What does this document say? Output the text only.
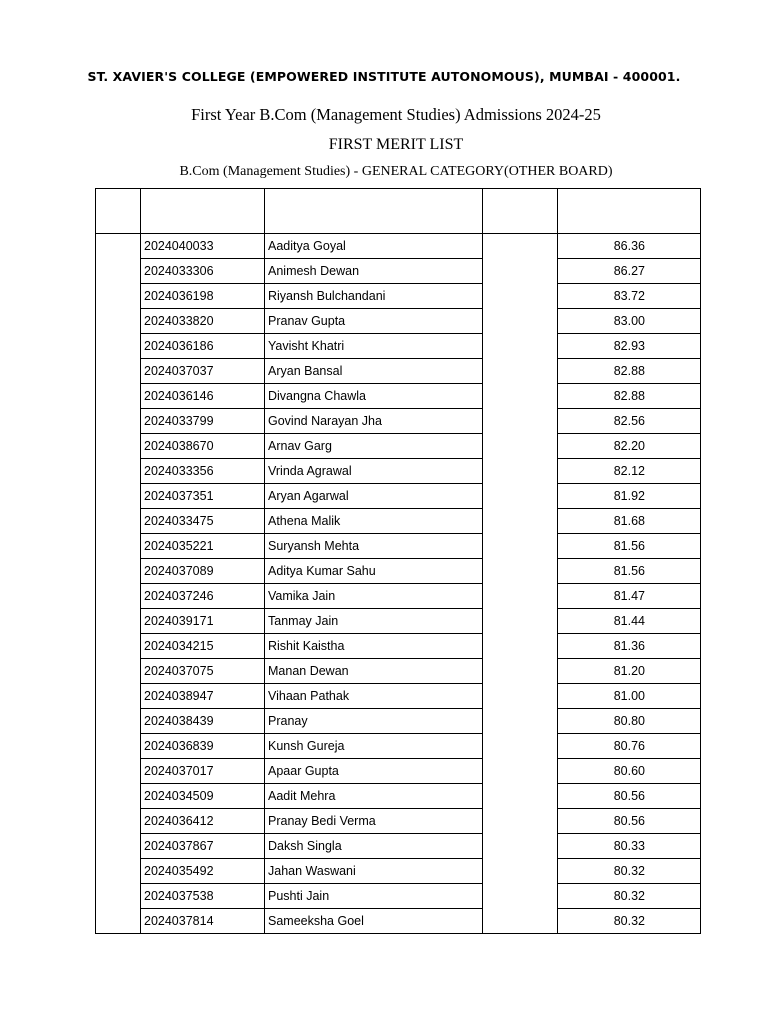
ST. XAVIER'S COLLEGE (EMPOWERED INSTITUTE AUTONOMOUS), MUMBAI - 400001.
First Year B.Com (Management Studies) Admissions 2024-25
FIRST MERIT LIST
B.Com (Management Studies) - GENERAL CATEGORY(OTHER BOARD)

	2024040033	Aaditya Goyal		86.36
	2024033306	Animesh Dewan		86.27
	2024036198	Riyansh Bulchandani		83.72
	2024033820	Pranav Gupta		83.00
	2024036186	Yavisht Khatri		82.93
	2024037037	Aryan Bansal		82.88
	2024036146	Divangna Chawla		82.88
	2024033799	Govind Narayan Jha		82.56
	2024038670	Arnav Garg		82.20
	2024033356	Vrinda Agrawal		82.12
	2024037351	Aryan Agarwal		81.92
	2024033475	Athena Malik		81.68
	2024035221	Suryansh Mehta		81.56
	2024037089	Aditya Kumar Sahu		81.56
	2024037246	Vamika Jain		81.47
	2024039171	Tanmay Jain		81.44
	2024034215	Rishit Kaistha		81.36
	2024037075	Manan Dewan		81.20
	2024038947	Vihaan Pathak		81.00
	2024038439	Pranay		80.80
	2024036839	Kunsh Gureja		80.76
	2024037017	Apaar Gupta		80.60
	2024034509	Aadit Mehra		80.56
	2024036412	Pranay Bedi Verma		80.56
	2024037867	Daksh Singla		80.33
	2024035492	Jahan Waswani		80.32
	2024037538	Pushti Jain		80.32
	2024037814	Sameeksha Goel		80.32
